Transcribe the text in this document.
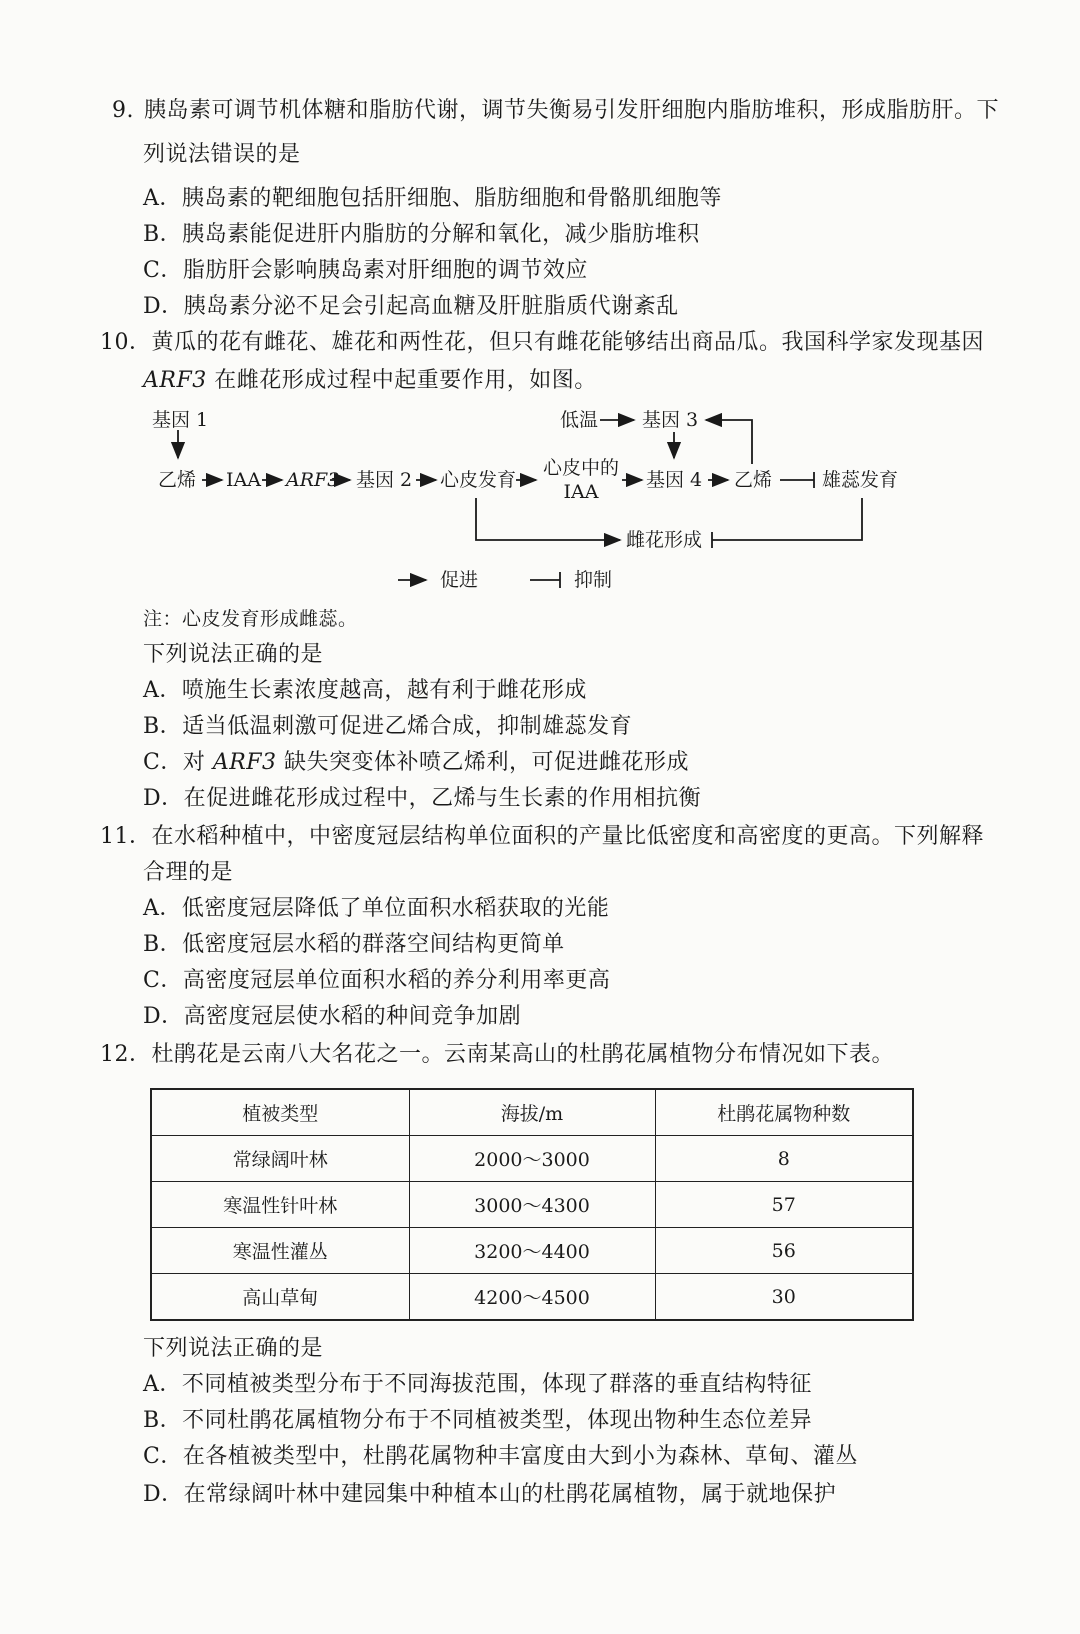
9. 胰岛素可调节机体糖和脂肪代谢，调节失衡易引发肝细胞内脂肪堆积，形成脂肪肝。下
列说法错误的是
A．胰岛素的靶细胞包括肝细胞、脂肪细胞和骨骼肌细胞等
B．胰岛素能促进肝内脂肪的分解和氧化，减少脂肪堆积
C．脂肪肝会影响胰岛素对肝细胞的调节效应
D．胰岛素分泌不足会引起高血糖及肝脏脂质代谢紊乱
10．黄瓜的花有雌花、雄花和两性花，但只有雌花能够结出商品瓜。我国科学家发现基因
ARF3 在雌花形成过程中起重要作用，如图。
基因 1	低温 基因 3
乙烯 IAA ARF3 基因 2 心皮发育
心皮中的
IAA
基因 4 乙烯	雄蕊发育
雌花形成
促进	抑制
注：心皮发育形成雌蕊。
下列说法正确的是
A．喷施生长素浓度越高，越有利于雌花形成
B．适当低温刺激可促进乙烯合成，抑制雄蕊发育
C．对 ARF3 缺失突变体补喷乙烯利，可促进雌花形成
D．在促进雌花形成过程中，乙烯与生长素的作用相抗衡
11．在水稻种植中，中密度冠层结构单位面积的产量比低密度和高密度的更高。下列解释
合理的是
A．低密度冠层降低了单位面积水稻获取的光能
B．低密度冠层水稻的群落空间结构更简单
C．高密度冠层单位面积水稻的养分利用率更高
D．高密度冠层使水稻的种间竞争加剧
12．杜鹃花是云南八大名花之一。云南某高山的杜鹃花属植物分布情况如下表。
植被类型	海拔/m	杜鹃花属物种数
常绿阔叶林	2000～3000	8
寒温性针叶林	3000～4300	57
寒温性灌丛	3200～4400	56
高山草甸	4200～4500	30
下列说法正确的是
A．不同植被类型分布于不同海拔范围，体现了群落的垂直结构特征
B．不同杜鹃花属植物分布于不同植被类型，体现出物种生态位差异
C．在各植被类型中，杜鹃花属物种丰富度由大到小为森林、草甸、灌丛
D．在常绿阔叶林中建园集中种植本山的杜鹃花属植物，属于就地保护
